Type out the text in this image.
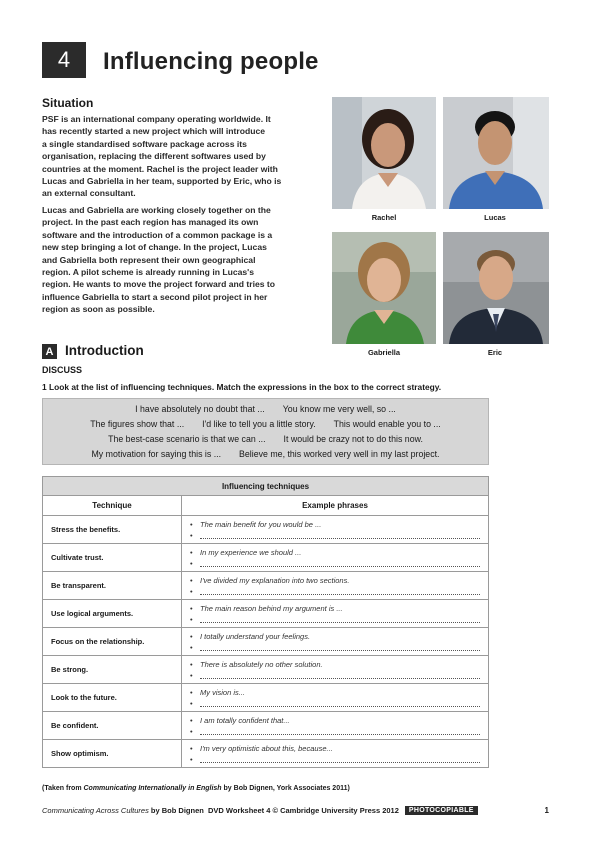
4 Influencing people
Situation
PSF is an international company operating worldwide. It
has recently started a new project which will introduce
a single standardised software package across its
organisation, replacing the different softwares used by
countries at the moment. Rachel is the project leader with
Lucas and Gabriella in her team, supported by Eric, who is
an external consultant.
Lucas and Gabriella are working closely together on the
project. In the past each region has managed its own
software and the introduction of a common package is a
new step bringing a lot of change. In the project, Lucas
and Gabriella both represent their own geographical
region. A pilot scheme is already running in Lucas's
region. He wants to move the project forward and tries to
influence Gabriella to start a second pilot project in her
region as soon as possible.
Rachel	Lucas
Gabriella	Eric
A Introduction
DISCUSS
1 Look at the list of influencing techniques. Match the expressions in the box to the correct strategy.
I have absolutely no doubt that ... You know me very well, so ...
The figures show that ... I'd like to tell you a little story. This would enable you to ...
The best-case scenario is that we can ... It would be crazy not to do this now.
My motivation for saying this is ... Believe me, this worked very well in my last project.
Influencing techniques	
Technique	Example phrases
Stress the benefits.	• The main benefit for you would be ...
•

Cultivate trust.	• In my experience we should ...
•

Be transparent.	• I've divided my explanation into two sections.
•

Use logical arguments.	• The main reason behind my argument is ...
•

Focus on the relationship.	• I totally understand your feelings.
•

Be strong.	• There is absolutely no other solution.
•

Look to the future.	• My vision is...
•

Be confident.	• I am totally confident that...
•

Show optimism.	• I'm very optimistic about this, because...
•
(Taken from Communicating Internationally in English by Bob Dignen, York Associates 2011)
Communicating Across Cultures by Bob Dignen  DVD Worksheet 4 © Cambridge University Press 2012	PHOTOCOPIABLE	1
